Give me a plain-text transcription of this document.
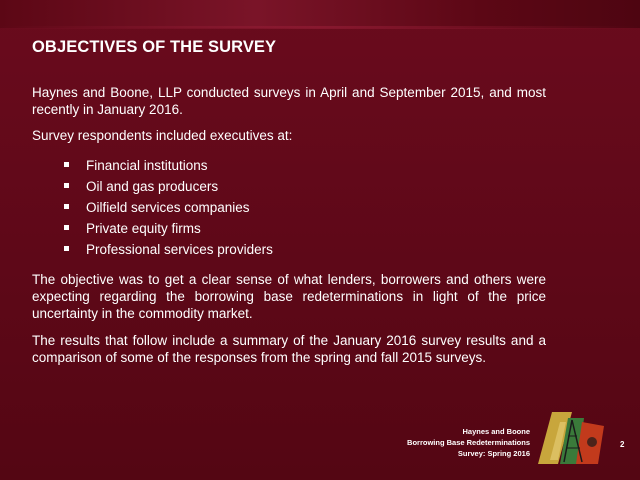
OBJECTIVES OF THE SURVEY

Haynes and Boone, LLP conducted surveys in April and September 2015, and most recently in January 2016.

Survey respondents included executives at:

Financial institutions
Oil and gas producers
Oilfield services companies
Private equity firms
Professional services providers

The objective was to get a clear sense of what lenders, borrowers and others were expecting regarding the borrowing base redeterminations in light of the price uncertainty in the commodity market.

The results that follow include a summary of the January 2016 survey results and a comparison of some of the responses from the spring and fall 2015 surveys.

Haynes and Boone
Borrowing Base Redeterminations
Survey: Spring 2016
2
